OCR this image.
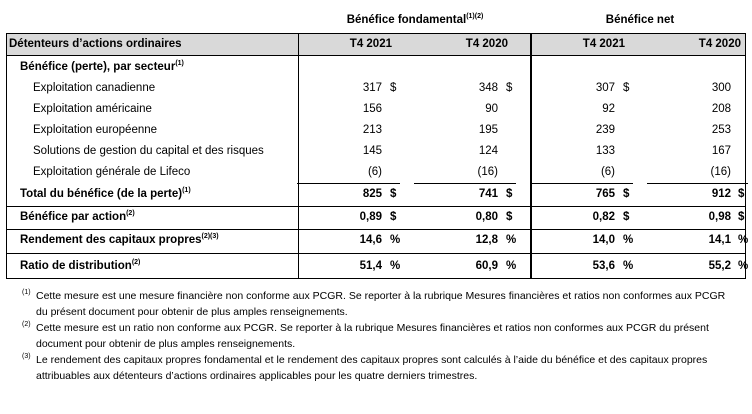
Bénéfice fondamental$^{(1)(2)}$	Bénéfice net
Détenteurs d’actions ordinaires	T4 2021	T4 2020	T4 2021	T4 2020
Bénéfice (perte), par secteur$^{(1)}$
Exploitation canadienne	317 $	348 $	307 $	300
Exploitation américaine	156	90	92	208
Exploitation européenne	213	195	239	253
Solutions de gestion du capital et des risques	145	124	133	167
Exploitation générale de Lifeco	(6)	(16)	(6)	(16)
Total du bénéfice (de la perte)$^{(1)}$	825 $	741 $	765 $	912 $
Bénéfice par action$^{(2)}$	0,89 $	0,80 $	0,82 $	0,98 $
Rendement des capitaux propres$^{(2)(3)}$	14,6 %	12,8 %	14,0 %	14,1 %
Ratio de distribution$^{(2)}$	51,4 %	60,9 %	53,6 %	55,2 %
(1) Cette mesure est une mesure financière non conforme aux PCGR. Se reporter à la rubrique Mesures financières et ratios non conformes aux PCGR du présent document pour obtenir de plus amples renseignements.
(2) Cette mesure est un ratio non conforme aux PCGR. Se reporter à la rubrique Mesures financières et ratios non conformes aux PCGR du présent document pour obtenir de plus amples renseignements.
(3) Le rendement des capitaux propres fondamental et le rendement des capitaux propres sont calculés à l’aide du bénéfice et des capitaux propres attribuables aux détenteurs d’actions ordinaires applicables pour les quatre derniers trimestres.
